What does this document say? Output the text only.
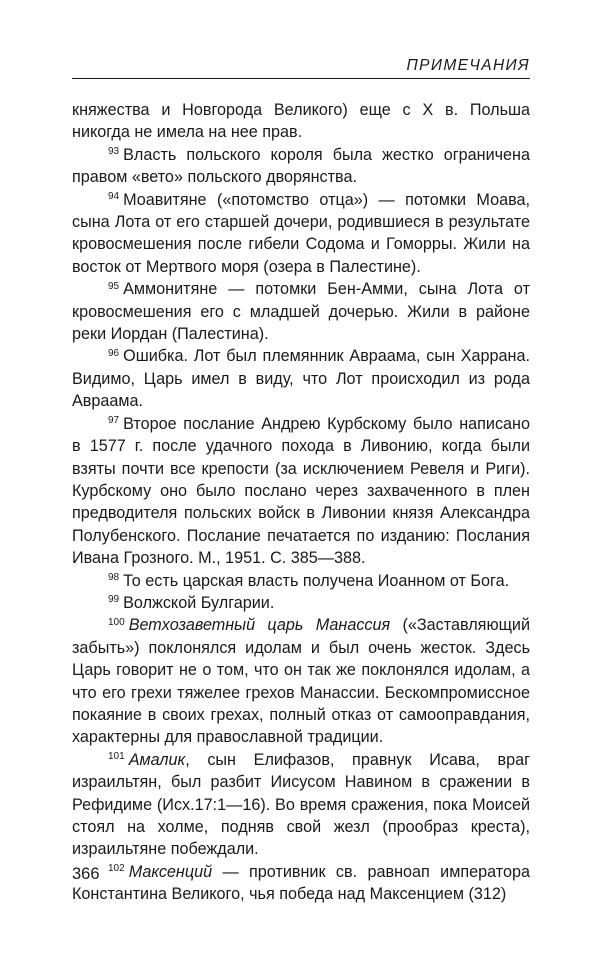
ПРИМЕЧАНИЯ

княжества и Новгорода Великого) еще с X в. Польша никогда не имела на нее прав.

$^{93}$ Власть польского короля была жестко ограничена правом «вето» польского дворянства.

$^{94}$ Моавитяне («потомство отца») — потомки Моава, сына Лота от его старшей дочери, родившиеся в результате кровосмешения после гибели Содома и Гоморры. Жили на восток от Мертвого моря (озера в Палестине).

$^{95}$ Аммонитяне — потомки Бен-Амми, сына Лота от кровосмешения его с младшей дочерью. Жили в районе реки Иордан (Палестина).

$^{96}$ Ошибка. Лот был племянник Авраама, сын Харрана. Видимо, Царь имел в виду, что Лот происходил из рода Авраама.

$^{97}$ Второе послание Андрею Курбскому было написано в 1577 г. после удачного похода в Ливонию, когда были взяты почти все крепости (за исключением Ревеля и Риги). Курбскому оно было послано через захваченного в плен предводителя польских войск в Ливонии князя Александра Полубенского. Послание печатается по изданию: Послания Ивана Грозного. М., 1951. С. 385—388.

$^{98}$ То есть царская власть получена Иоанном от Бога.

$^{99}$ Волжской Булгарии.

$^{100}$ Ветхозаветный царь Манассия («Заставляющий забыть») поклонялся идолам и был очень жесток. Здесь Царь говорит не о том, что он так же поклонялся идолам, а что его грехи тяжелее грехов Манассии. Бескомпромиссное покаяние в своих грехах, полный отказ от самооправдания, характерны для православной традиции.

$^{101}$ Амалик, сын Елифазов, правнук Исава, враг израильтян, был разбит Иисусом Навином в сражении в Рефидиме (Исх.17:1—16). Во время сражения, пока Моисей стоял на холме, подняв свой жезл (прообраз креста), израильтяне побеждали.

$^{102}$ Максенций — противник св. равноап императора Константина Великого, чья победа над Максенцием (312)

366
